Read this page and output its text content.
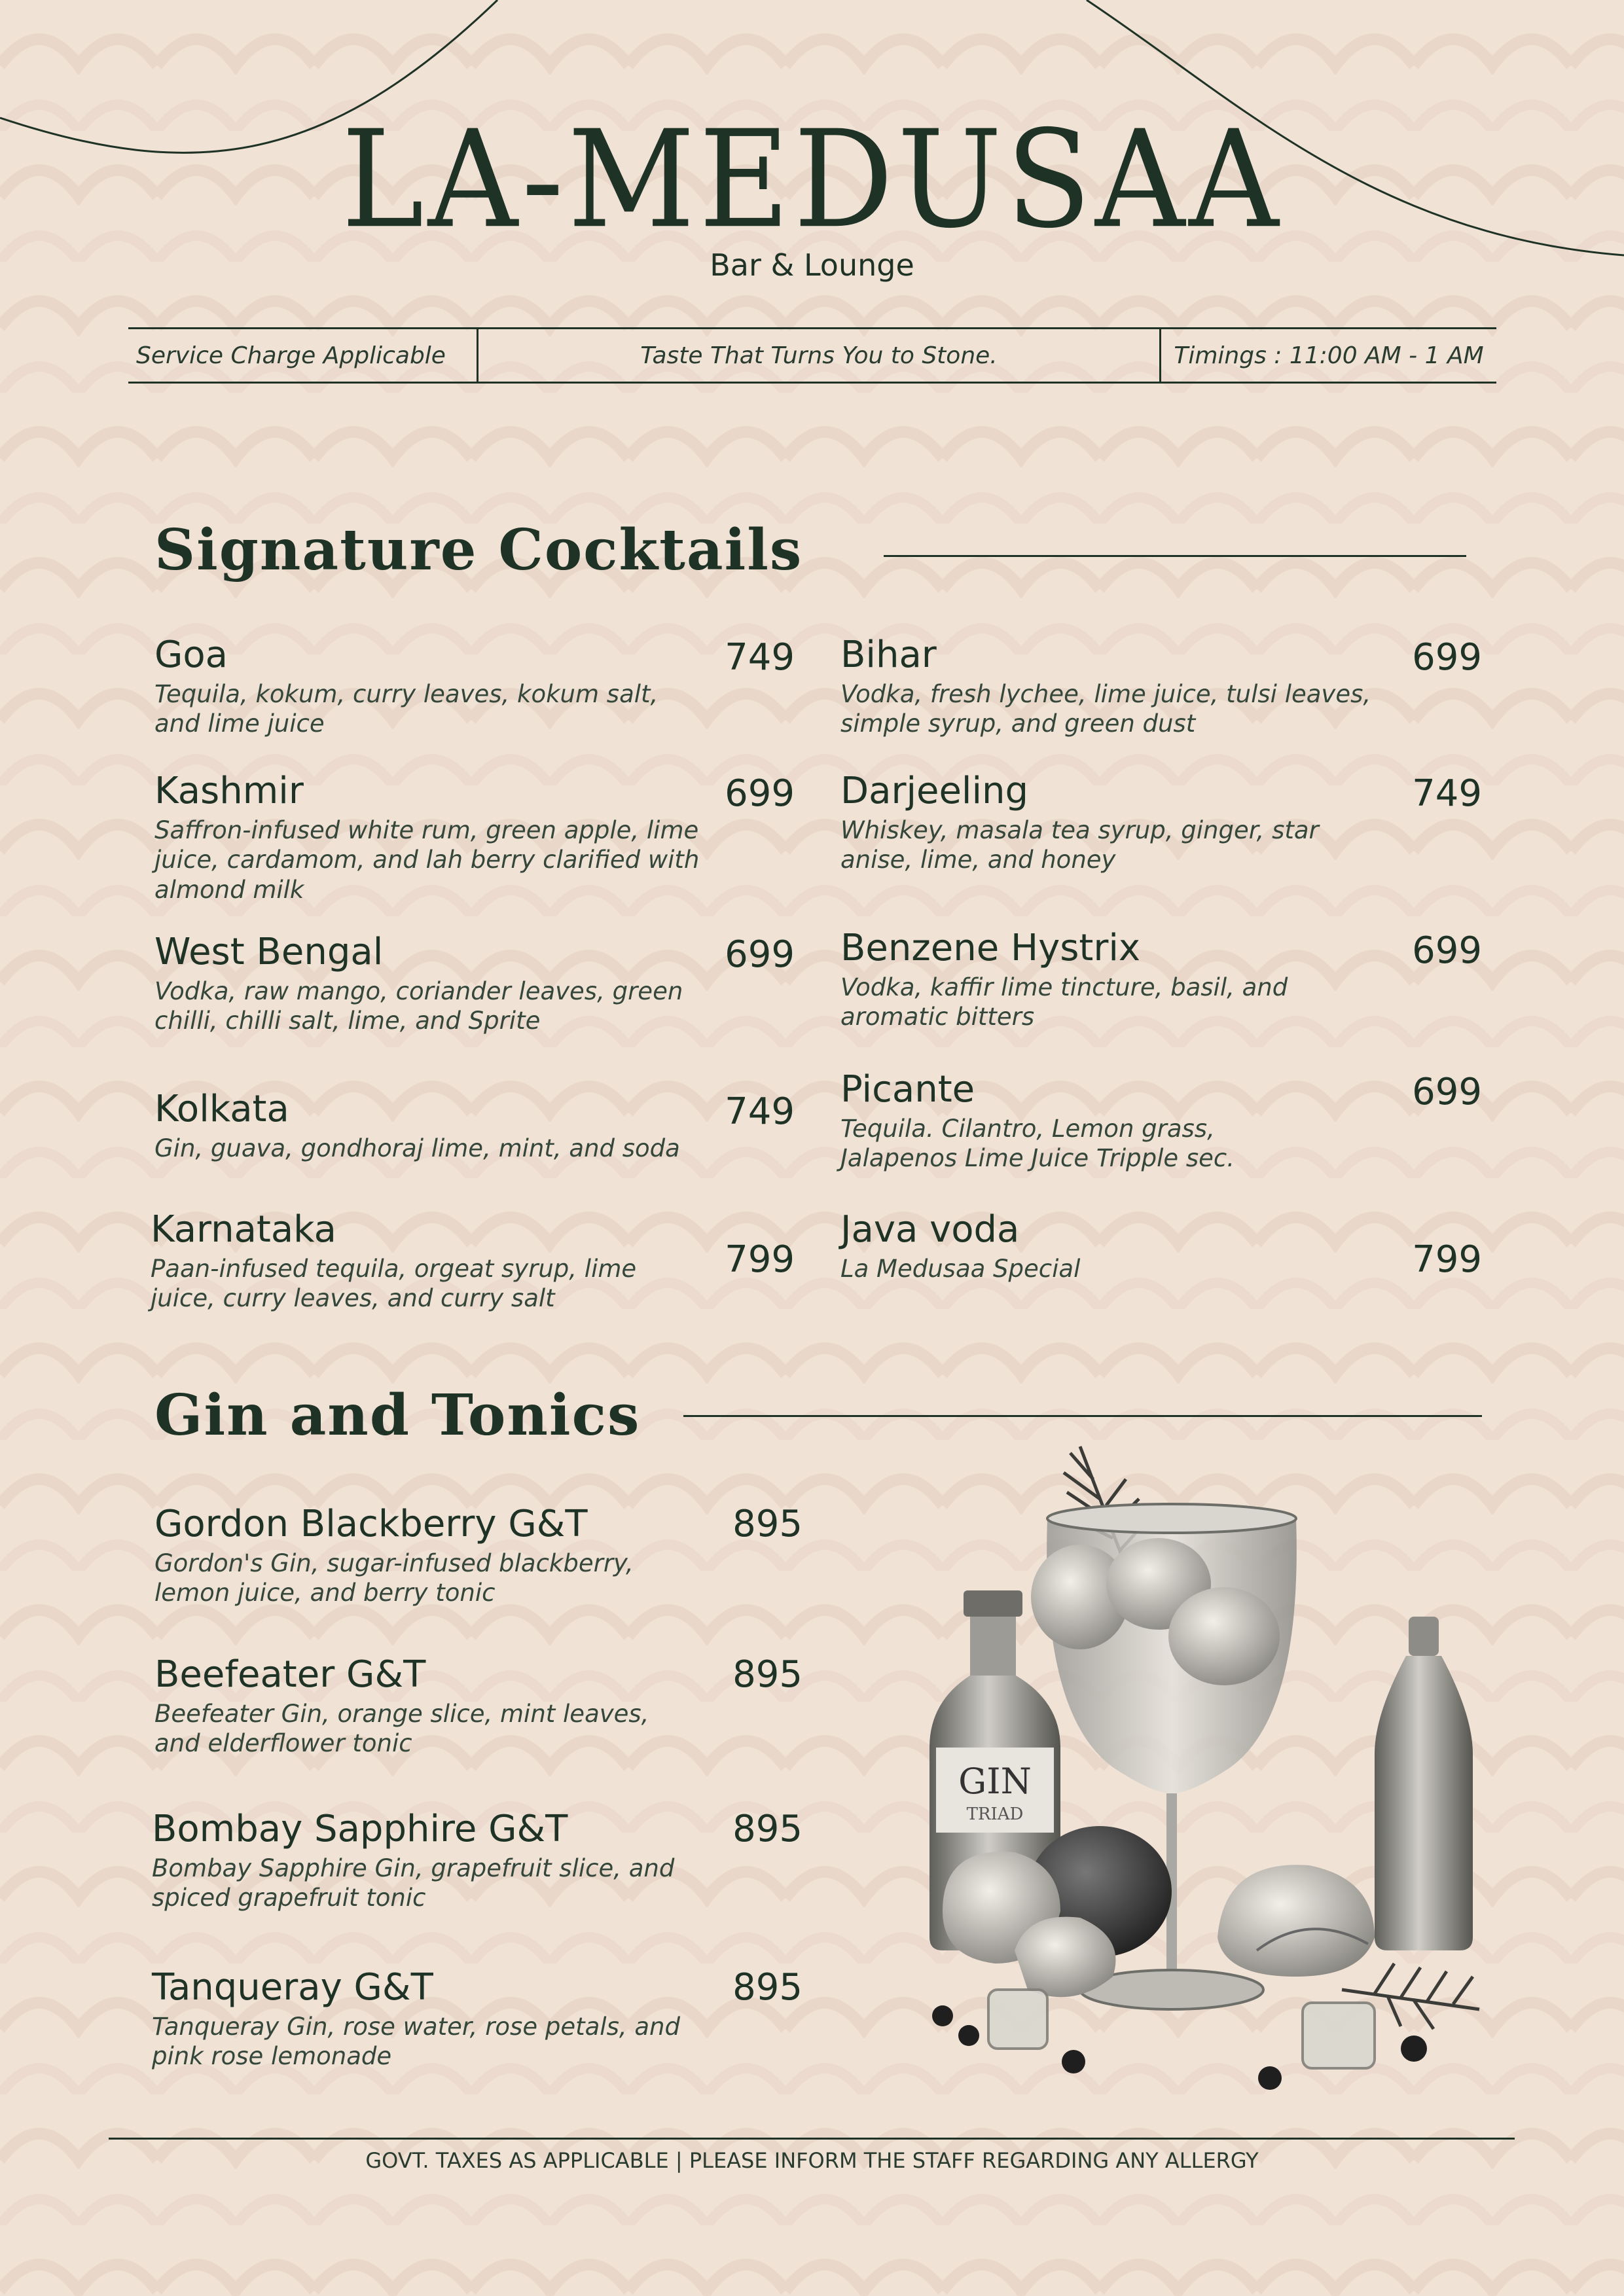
LA-MEDUSAA
Bar & Lounge
Service Charge Applicable	Taste That Turns You to Stone.	Timings : 11:00 AM - 1 AM
Signature Cocktails
Goa
Tequila, kokum, curry leaves, kokum salt, and lime juice
749
Kashmir
Saffron-infused white rum, green apple, lime juice, cardamom, and lah berry clarified with almond milk
699
West Bengal
Vodka, raw mango, coriander leaves, green chilli, chilli salt, lime, and Sprite
699
Kolkata
Gin, guava, gondhoraj lime, mint, and soda
749
Karnataka
Paan-infused tequila, orgeat syrup, lime juice, curry leaves, and curry salt
799
Bihar
Vodka, fresh lychee, lime juice, tulsi leaves, simple syrup, and green dust
699
Darjeeling
Whiskey, masala tea syrup, ginger, star anise, lime, and honey
749
Benzene Hystrix
Vodka, kaffir lime tincture, basil, and aromatic bitters
699
Picante
Tequila. Cilantro, Lemon grass, Jalapenos Lime Juice Tripple sec.
699
Java voda
La Medusaa Special	799
Gin and Tonics
Gordon Blackberry G&T
Gordon's Gin, sugar-infused blackberry, lemon juice, and berry tonic
895
Beefeater G&T
Beefeater Gin, orange slice, mint leaves, and elderflower tonic
895
Bombay Sapphire G&T
Bombay Sapphire Gin, grapefruit slice, and spiced grapefruit tonic
895
Tanqueray G&T
Tanqueray Gin, rose water, rose petals, and pink rose lemonade
895
GIN
TRIAD
GOVT. TAXES AS APPLICABLE | PLEASE INFORM THE STAFF REGARDING ANY ALLERGY
